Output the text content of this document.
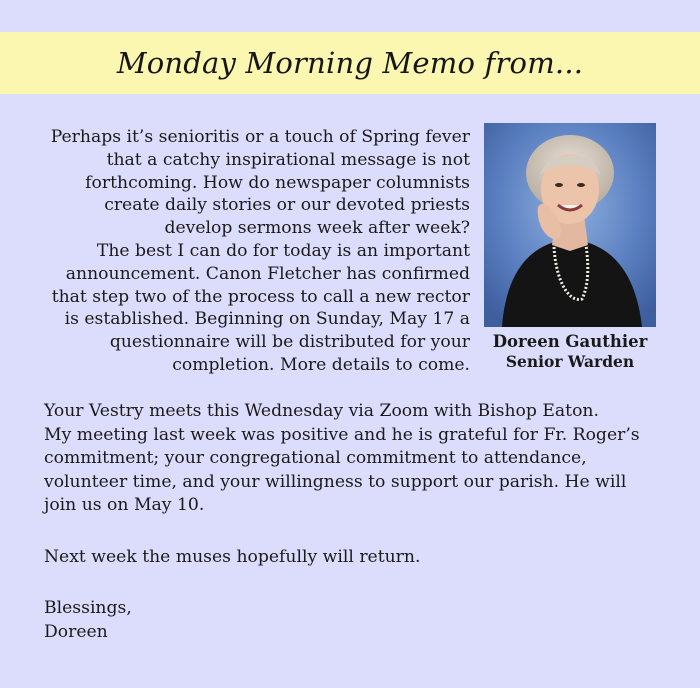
Monday Morning Memo from...
Perhaps it’s senioritis or a touch of Spring fever
that a catchy inspirational message is not
forthcoming. How do newspaper columnists
create daily stories or our devoted priests
develop sermons week after week?
The best I can do for today is an important
announcement. Canon Fletcher has confirmed
that step two of the process to call a new rector
is established. Beginning on Sunday, May 17 a
questionnaire will be distributed for your
completion. More details to come.
Doreen Gauthier
Senior Warden
Your Vestry meets this Wednesday via Zoom with Bishop Eaton.
My meeting last week was positive and he is grateful for Fr. Roger’s
commitment; your congregational commitment to attendance,
volunteer time, and your willingness to support our parish. He will
join us on May 10.
Next week the muses hopefully will return.
Blessings,
Doreen
